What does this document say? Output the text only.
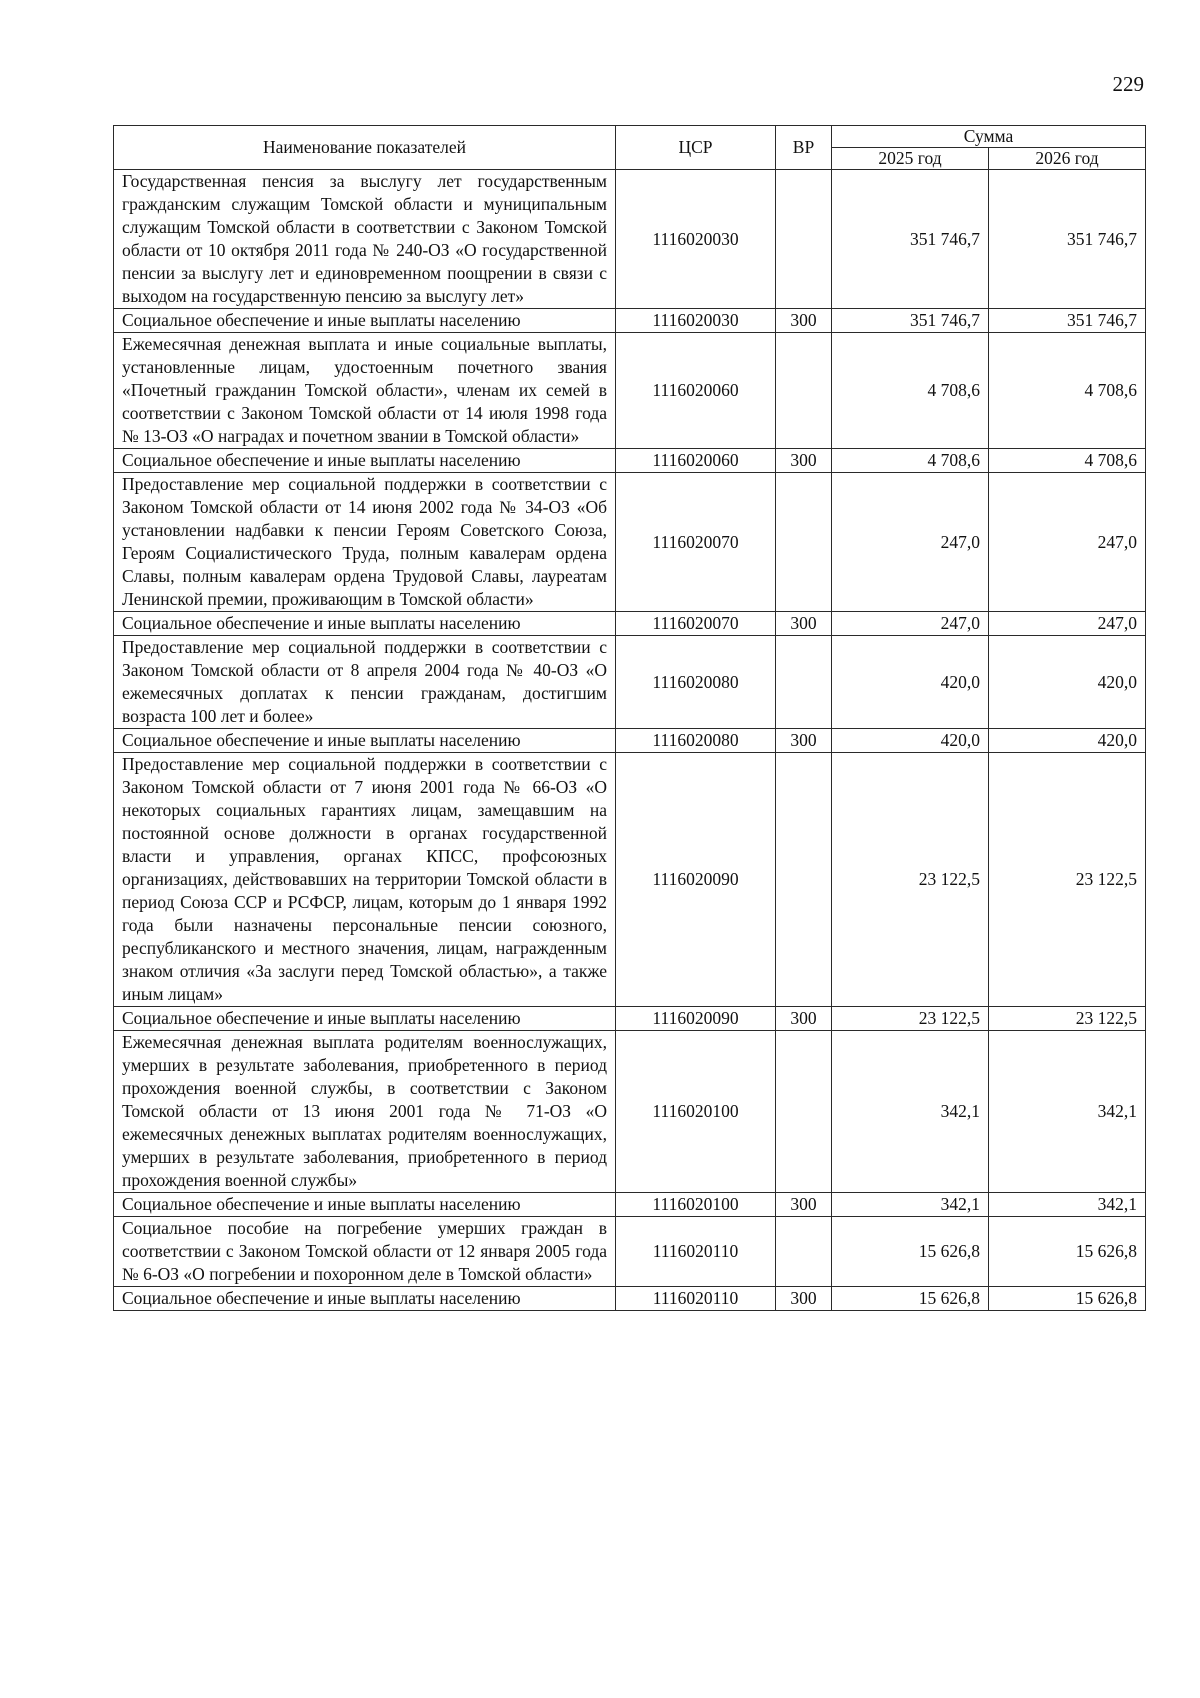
229
Наименование показателей	ЦСР	ВР	Сумма	
			2025 год	2026 год
Государственная пенсия за выслугу лет государственным гражданским служащим Томской области и муниципальным служащим Томской области в соответствии с Законом Томской области от 10 октября 2011 года № 240-ОЗ «О государственной пенсии за выслугу лет и единовременном поощрении в связи с выходом на государственную пенсию за выслугу лет»	1116020030		351 746,7	351 746,7
Социальное обеспечение и иные выплаты населению	1116020030	300	351 746,7	351 746,7
Ежемесячная денежная выплата и иные социальные выплаты, установленные лицам, удостоенным почетного звания «Почетный гражданин Томской области», членам их семей в соответствии с Законом Томской области от 14 июля 1998 года № 13-ОЗ «О наградах и почетном звании в Томской области»	1116020060		4 708,6	4 708,6
Социальное обеспечение и иные выплаты населению	1116020060	300	4 708,6	4 708,6
Предоставление мер социальной поддержки в соответствии с Законом Томской области от 14 июня 2002 года № 34-ОЗ «Об установлении надбавки к пенсии Героям Советского Союза, Героям Социалистического Труда, полным кавалерам ордена Славы, полным кавалерам ордена Трудовой Славы, лауреатам Ленинской премии, проживающим в Томской области»	1116020070		247,0	247,0
Социальное обеспечение и иные выплаты населению	1116020070	300	247,0	247,0
Предоставление мер социальной поддержки в соответствии с Законом Томской области от 8 апреля 2004 года № 40-ОЗ «О ежемесячных доплатах к пенсии гражданам, достигшим возраста 100 лет и более»	1116020080		420,0	420,0
Социальное обеспечение и иные выплаты населению	1116020080	300	420,0	420,0
Предоставление мер социальной поддержки в соответствии с Законом Томской области от 7 июня 2001 года № 66-ОЗ «О некоторых социальных гарантиях лицам, замещавшим на постоянной основе должности в органах государственной власти и управления, органах КПСС, профсоюзных организациях, действовавших на территории Томской области в период Союза ССР и РСФСР, лицам, которым до 1 января 1992 года были назначены персональные пенсии союзного, республиканского и местного значения, лицам, награжденным знаком отличия «За заслуги перед Томской областью», а также иным лицам»	1116020090		23 122,5	23 122,5
Социальное обеспечение и иные выплаты населению	1116020090	300	23 122,5	23 122,5
Ежемесячная денежная выплата родителям военнослужащих, умерших в результате заболевания, приобретенного в период прохождения военной службы, в соответствии с Законом Томской области от 13 июня 2001 года № 71-ОЗ «О ежемесячных денежных выплатах родителям военнослужащих, умерших в результате заболевания, приобретенного в период прохождения военной службы»	1116020100		342,1	342,1
Социальное обеспечение и иные выплаты населению	1116020100	300	342,1	342,1
Социальное пособие на погребение умерших граждан в соответствии с Законом Томской области от 12 января 2005 года № 6-ОЗ «О погребении и похоронном деле в Томской области»	1116020110		15 626,8	15 626,8
Социальное обеспечение и иные выплаты населению	1116020110	300	15 626,8	15 626,8
